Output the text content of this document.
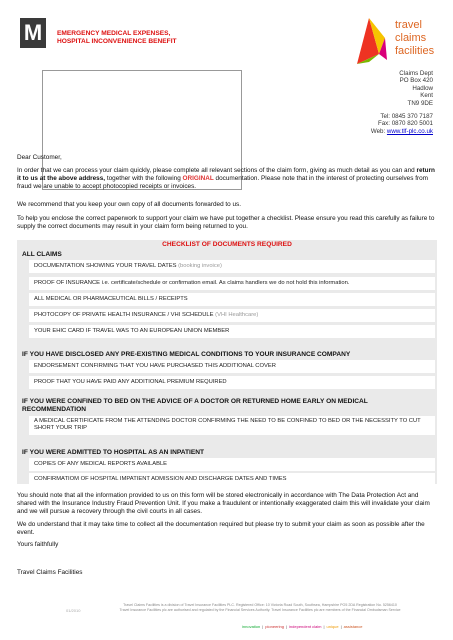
M	EMERGENCY MEDICAL EXPENSES,
HOSPITAL INCONVENIENCE BENEFIT
travel
claims
facilities
Claims Dept
PO Box 420
Hadlow
Kent
TN9 9DE
Tel: 0845 370 7187
Fax: 0870 820 5001
Web: www.tlf-plc.co.uk
Dear Customer,
In order that we can process your claim quickly, please complete all relevant sections of the claim form, giving as much detail as you can and return it to us at the above address, together with the following ORIGINAL documentation. Please note that in the interest of protecting ourselves from fraud we are unable to accept photocopied receipts or invoices.
We recommend that you keep your own copy of all documents forwarded to us.
To help you enclose the correct paperwork to support your claim we have put together a checklist. Please ensure you read this carefully as failure to supply the correct documents may result in your claim form being returned to you.
CHECKLIST OF DOCUMENTS REQUIRED
ALL CLAIMS
DOCUMENTATION SHOWING YOUR TRAVEL DATES (booking invoice)
PROOF OF INSURANCE i.e. certificate/schedule or confirmation email. As claims handlers we do not hold this information.
ALL MEDICAL OR PHARMACEUTICAL BILLS / RECEIPTS
PHOTOCOPY OF PRIVATE HEALTH INSURANCE / VHI SCHEDULE (VHI Healthcare)
YOUR EHIC CARD IF TRAVEL WAS TO AN EUROPEAN UNION MEMBER
IF YOU HAVE DISCLOSED ANY PRE-EXISTING MEDICAL CONDITIONS TO YOUR INSURANCE COMPANY
ENDORSEMENT CONFIRMING THAT YOU HAVE PURCHASED THIS ADDITIONAL COVER
PROOF THAT YOU HAVE PAID ANY ADDITIONAL PREMIUM REQUIRED
IF YOU WERE CONFINED TO BED ON THE ADVICE OF A DOCTOR OR RETURNED HOME EARLY ON MEDICAL
RECOMMENDATION
A MEDICAL CERTIFICATE FROM THE ATTENDING DOCTOR CONFIRMING THE NEED TO BE CONFINED TO BED OR THE NECESSITY TO CUT SHORT YOUR TRIP
IF YOU WERE ADMITTED TO HOSPITAL AS AN INPATIENT
COPIES OF ANY MEDICAL REPORTS AVAILABLE
CONFIRMATIOM OF HOSPITAL IMPATIENT ADMISSION AND DISCHARGE DATES AND TIMES
You should note that all the information provided to us on this form will be stored electronically in accordance with The Data Protection Act and shared with the Insurance Industry Fraud Prevention Unit. If you make a fraudulent or intentionally exaggerated claim this will invalidate your claim and we will pursue a recovery through the civil courts in all cases.
We do understand that it may take time to collect all the documentation required but please try to submit your claim as soon as possible after the event.
Yours faithfully
Travel Claims Facilities
Travel Claims Facilities is a division of Travel Insurance Facilities PLC. Registered Office: 10 Victoria Road South, Southsea, Hampshire PO5 2DA Registration No. 5256410
Travel Insurance Facilities plc are authorised and regulated by the Financial Services Authority. Travel Insurance Facilities plc are members of the Financial Ombudsman Service
01/2010
innovation | pioneering | independent claim | unique | assistance
